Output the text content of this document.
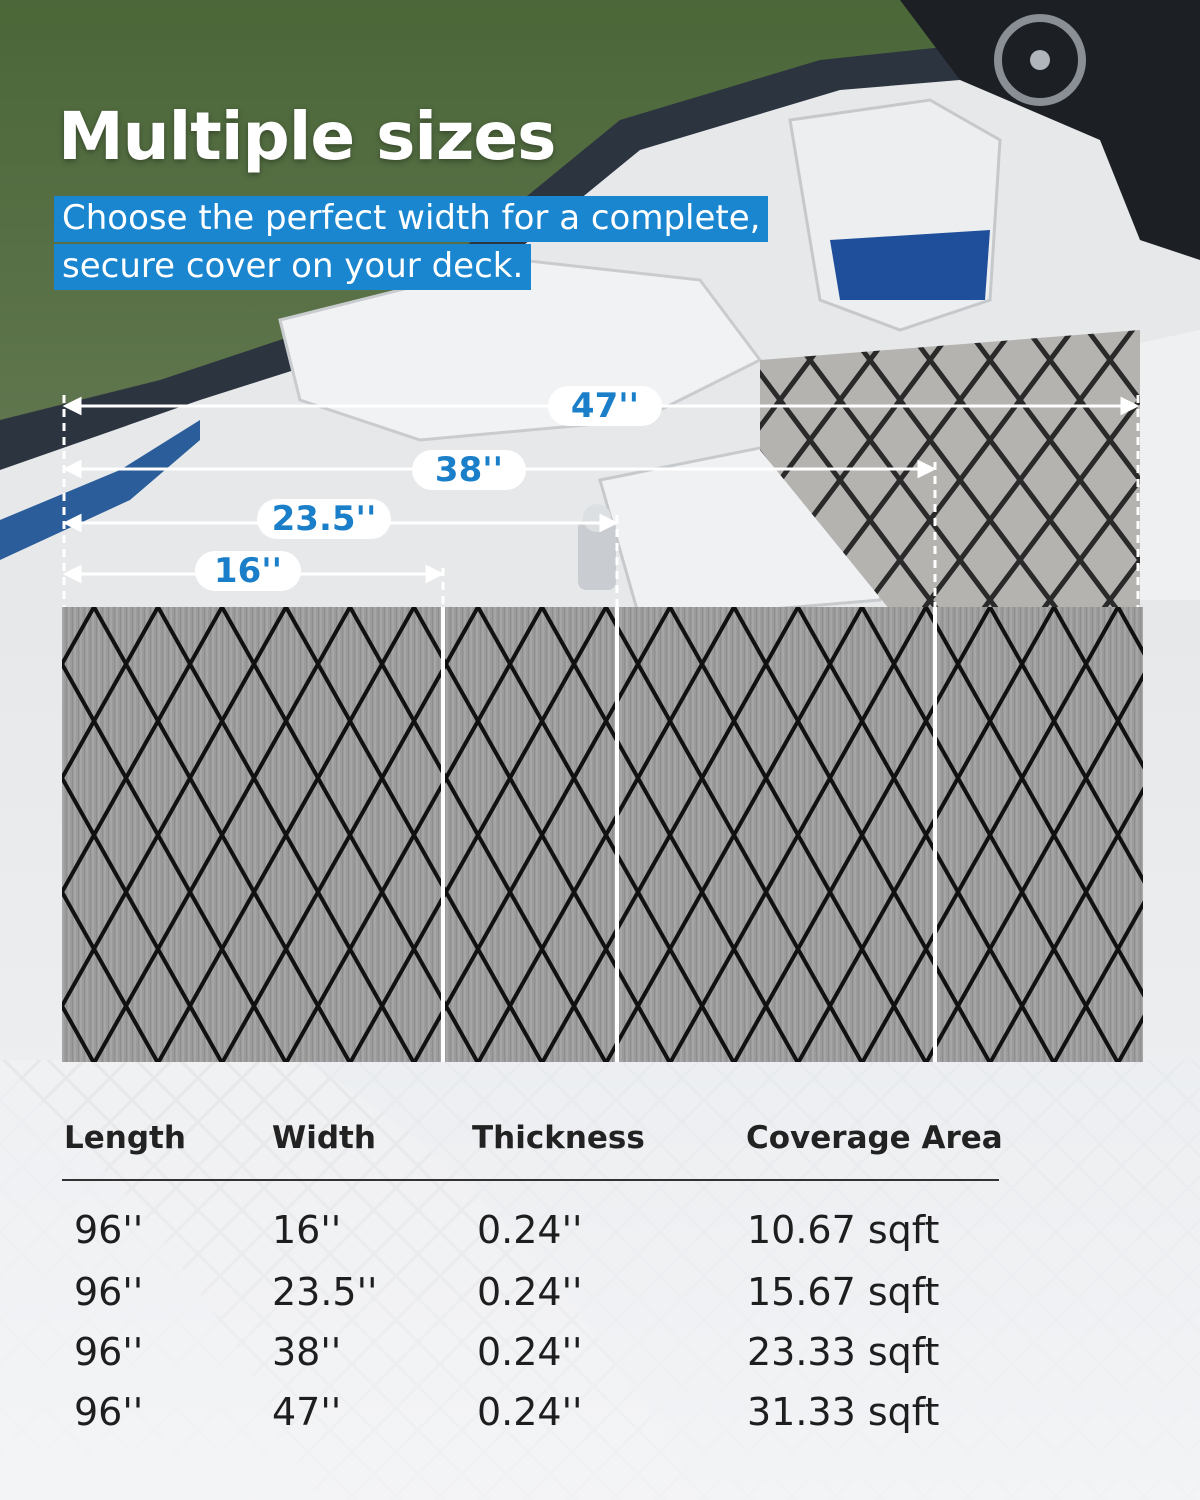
47''
38''
23.5''
16''
Multiple sizes
Choose the perfect width for a complete,
secure cover on your deck.
Length	Width	Thickness	Coverage Area
96''	16''	0.24''	10.67 sqft
96''	23.5''	0.24''	15.67 sqft
96''	38''	0.24''	23.33 sqft
96''	47''	0.24''	31.33 sqft
